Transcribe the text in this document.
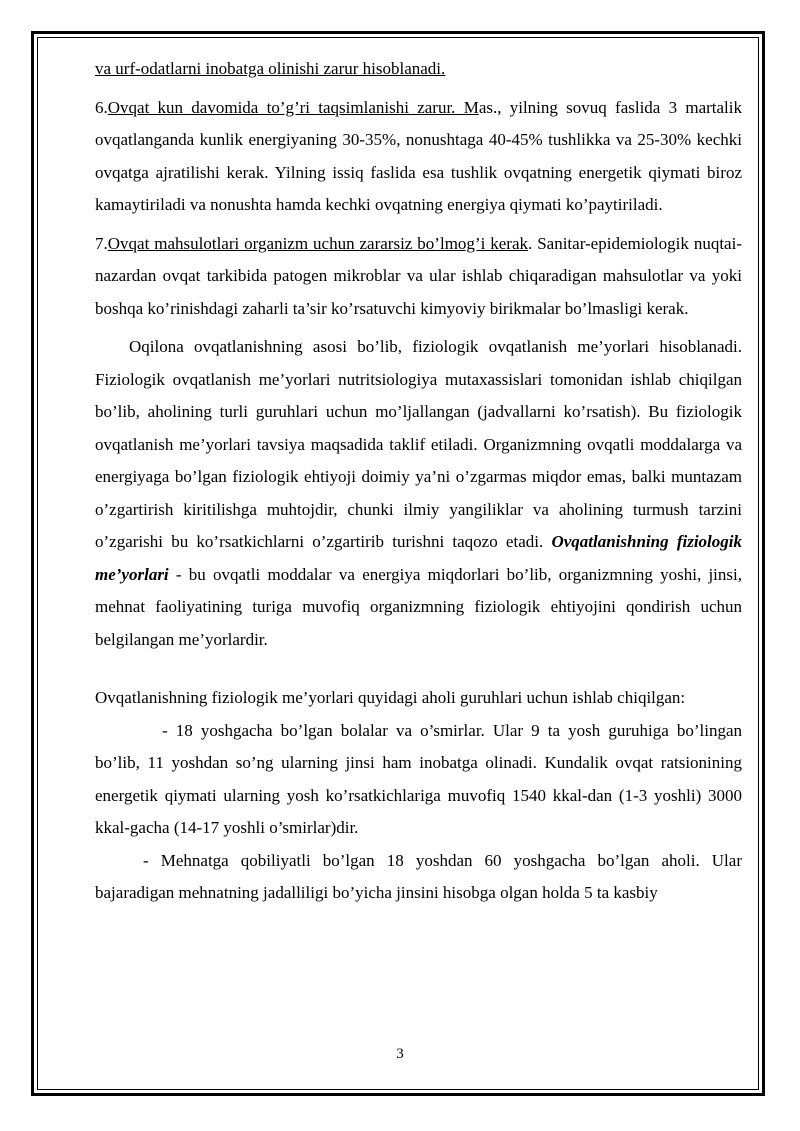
va urf-odatlarni inobatga olinishi zarur hisoblanadi.

6.Ovqat kun davomida to’g’ri taqsimlanishi zarur. Mas., yilning sovuq faslida 3 martalik ovqatlanganda kunlik energiyaning 30-35%, nonushtaga 40-45% tushlikka va 25-30% kechki ovqatga ajratilishi kerak. Yilning issiq faslida esa tushlik ovqatning energetik qiymati biroz kamaytiriladi va nonushta hamda kechki ovqatning energiya qiymati ko’paytiriladi.

7.Ovqat mahsulotlari organizm uchun zararsiz bo’lmog’i kerak. Sanitar-epidemiologik nuqtai-nazardan ovqat tarkibida patogen mikroblar va ular ishlab chiqaradigan mahsulotlar va yoki boshqa ko’rinishdagi zaharli ta’sir ko’rsatuvchi kimyoviy birikmalar bo’lmasligi kerak.

Oqilona ovqatlanishning asosi bo’lib, fiziologik ovqatlanish me’yorlari hisoblanadi. Fiziologik ovqatlanish me’yorlari nutritsiologiya mutaxassislari tomonidan ishlab chiqilgan bo’lib, aholining turli guruhlari uchun mo’ljallangan (jadvallarni ko’rsatish). Bu fiziologik ovqatlanish me’yorlari tavsiya maqsadida taklif etiladi. Organizmning ovqatli moddalarga va energiyaga bo’lgan fiziologik ehtiyoji doimiy ya’ni o’zgarmas miqdor emas, balki muntazam o’zgartirish kiritilishga muhtojdir, chunki ilmiy yangiliklar va aholining turmush tarzini o’zgarishi bu ko’rsatkichlarni o’zgartirib turishni taqozo etadi. Ovqatlanishning fiziologik me’yorlari - bu ovqatli moddalar va energiya miqdorlari bo’lib, organizmning yoshi, jinsi, mehnat faoliyatining turiga muvofiq organizmning fiziologik ehtiyojini qondirish uchun belgilangan me’yorlardir.

Ovqatlanishning fiziologik me’yorlari quyidagi aholi guruhlari uchun ishlab chiqilgan:

- 18 yoshgacha bo’lgan bolalar va o’smirlar. Ular 9 ta yosh guruhiga bo’lingan bo’lib, 11 yoshdan so’ng ularning jinsi ham inobatga olinadi. Kundalik ovqat ratsionining energetik qiymati ularning yosh ko’rsatkichlariga muvofiq 1540 kkal-dan (1-3 yoshli) 3000 kkal-gacha (14-17 yoshli o’smirlar)dir.

- Mehnatga qobiliyatli bo’lgan 18 yoshdan 60 yoshgacha bo’lgan aholi. Ular bajaradigan mehnatning jadalliligi bo’yicha jinsini hisobga olgan holda 5 ta kasbiy

3
